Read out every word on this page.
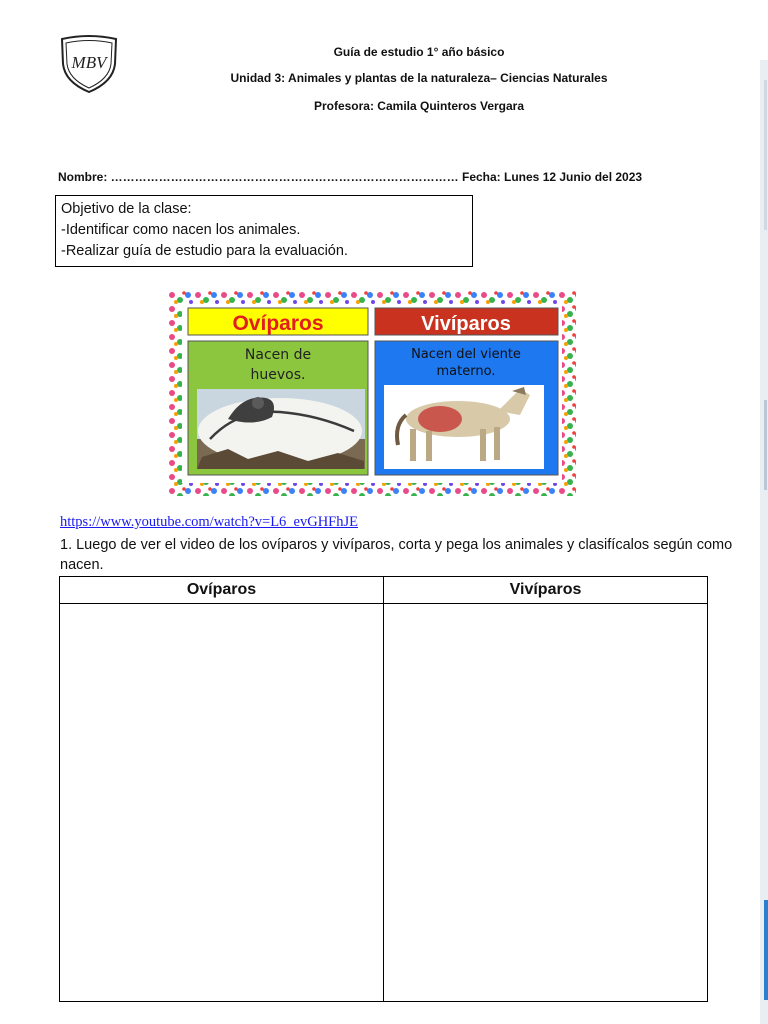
MBV
Guía de estudio 1° año básico
Unidad 3: Animales y plantas de la naturaleza– Ciencias Naturales
Profesora: Camila Quinteros Vergara
Nombre: …………………………………………………………………………… Fecha: Lunes 12 Junio del 2023
Objetivo de la clase:
-Identificar como nacen los animales.
-Realizar guía de estudio para la evaluación.
Ovíparos
Nacen de
huevos.
Vivíparos
Nacen del viente
materno.
https://www.youtube.com/watch?v=L6_evGHFhJE
1. Luego de ver el video de los ovíparos y vivíparos, corta y pega los animales y clasifícalos según como nacen.
Ovíparos	Vivíparos
